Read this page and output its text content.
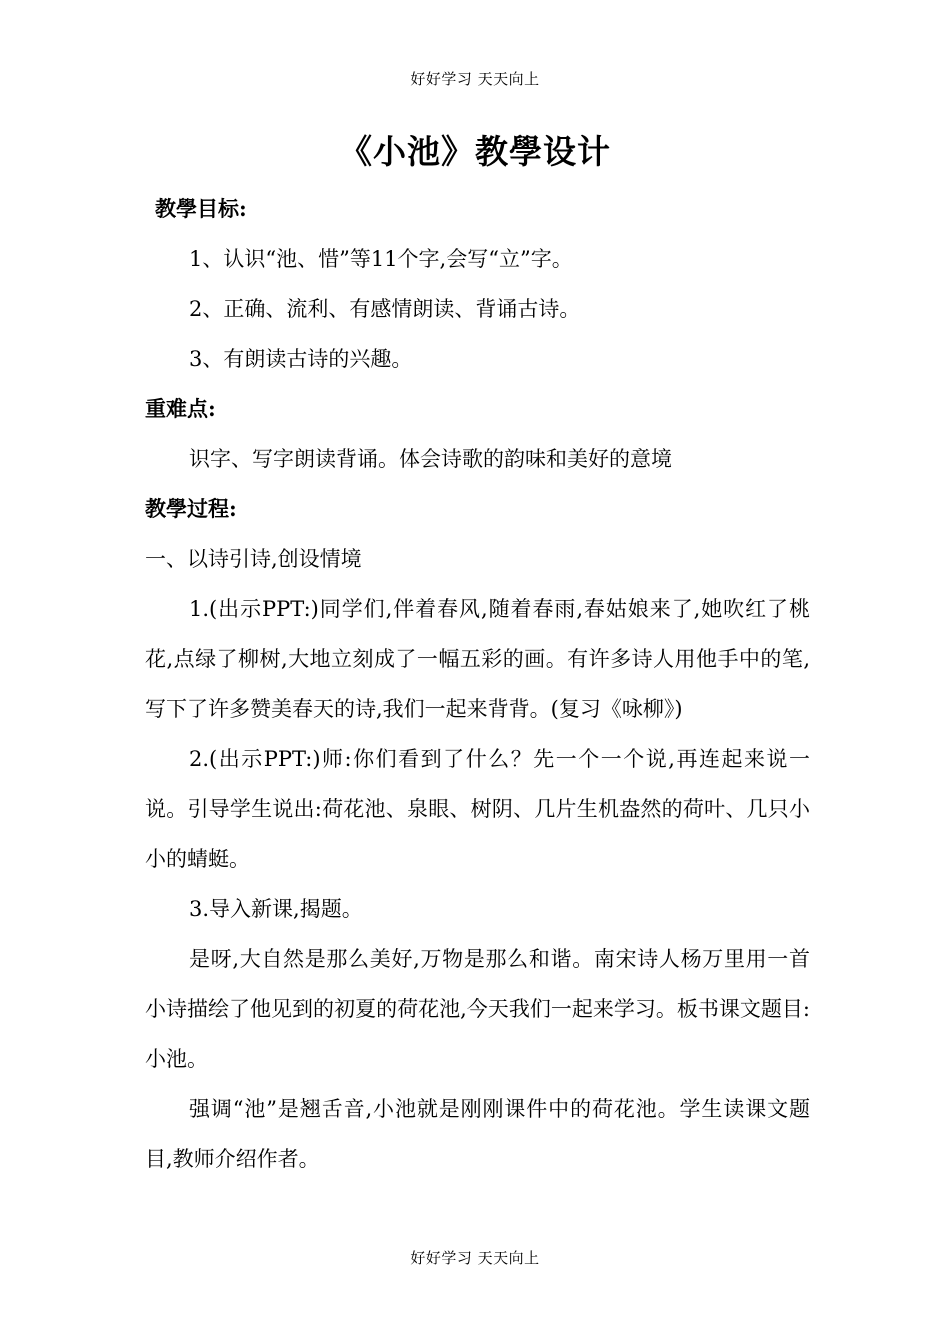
好好学习 天天向上
《小池》教學设计

教學目标:

1、认识“池、惜”等11个字,会写“立”字。

2、正确、流利、有感情朗读、背诵古诗。

3、有朗读古诗的兴趣。

重难点:

识字、写字朗读背诵。体会诗歌的韵味和美好的意境

教學过程:

一、以诗引诗,创设情境

1.(出示PPT:)同学们,伴着春风,随着春雨,春姑娘来了,她吹红了桃花,点绿了柳树,大地立刻成了一幅五彩的画。有许多诗人用他手中的笔,写下了许多赞美春天的诗,我们一起来背背。(复习《咏柳》)

2.(出示PPT:)师:你们看到了什么？先一个一个说,再连起来说一说。引导学生说出:荷花池、泉眼、树阴、几片生机盎然的荷叶、几只小小的蜻蜓。

3.导入新课,揭题。

是呀,大自然是那么美好,万物是那么和谐。南宋诗人杨万里用一首小诗描绘了他见到的初夏的荷花池,今天我们一起来学习。板书课文题目:小池。

强调“池”是翘舌音,小池就是刚刚课件中的荷花池。学生读课文题目,教师介绍作者。

好好学习 天天向上
